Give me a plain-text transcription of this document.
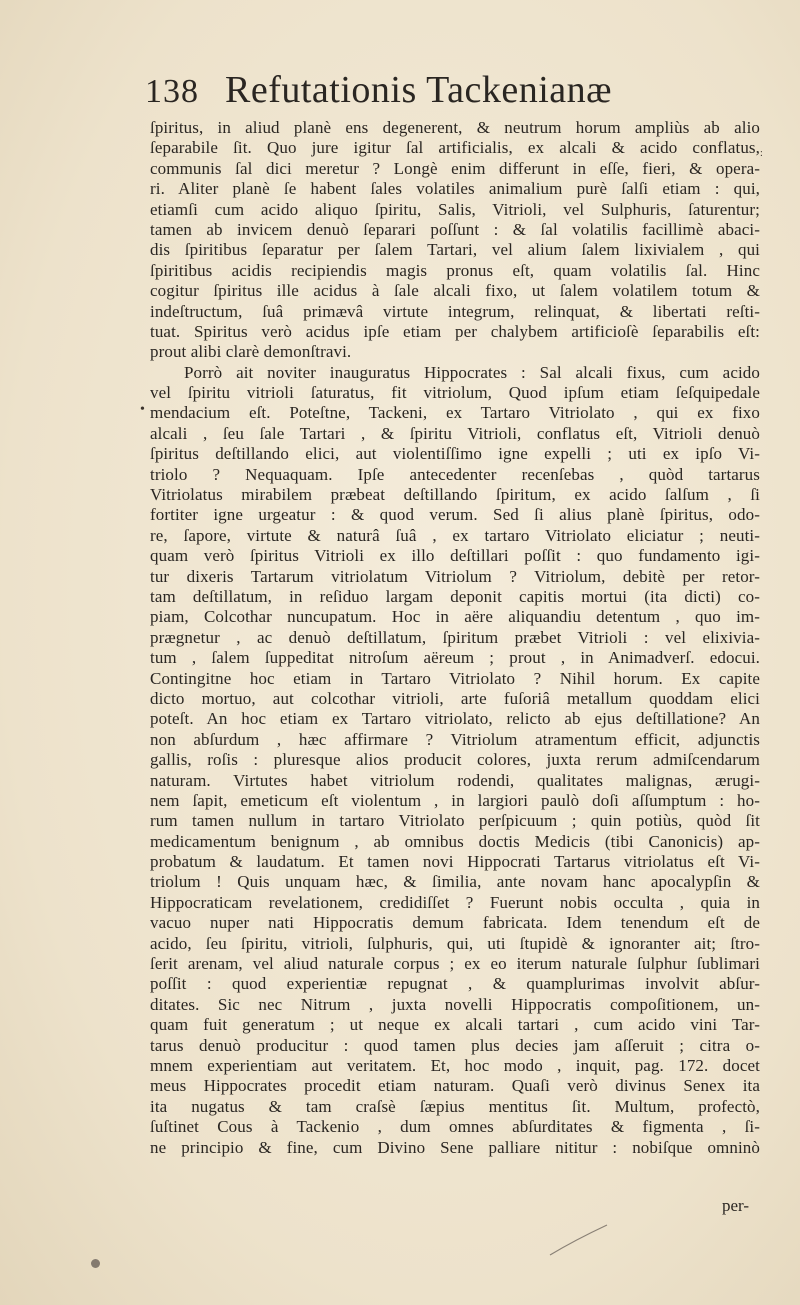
138 Refutationis Tackenianæ
ſpiritus, in aliud planè ens degenerent, & neutrum horum ampliùs ab alio
ſeparabile ſit. Quo jure igitur ſal artificialis, ex alcali & acido conflatus,
communis ſal dici meretur ? Longè enim differunt in eſſe, fieri, & opera-
ri. Aliter planè ſe habent ſales volatiles animalium purè ſalſi etiam : qui,
etiamſi cum acido aliquo ſpiritu, Salis, Vitrioli, vel Sulphuris, ſaturentur;
tamen ab invicem denuò ſeparari poſſunt : & ſal volatilis facillimè abaci-
dis ſpiritibus ſeparatur per ſalem Tartari, vel alium ſalem lixivialem , qui
ſpiritibus acidis recipiendis magis pronus eſt, quam volatilis ſal. Hinc
cogitur ſpiritus ille acidus à ſale alcali fixo, ut ſalem volatilem totum &
indeſtructum, ſuâ primævâ virtute integrum, relinquat, & libertati reſti-
tuat. Spiritus verò acidus ipſe etiam per chalybem artificioſè ſeparabilis eſt:
prout alibi clarè demonſtravi.
Porrò ait noviter inauguratus Hippocrates : Sal alcali fixus, cum acido
vel ſpiritu vitrioli ſaturatus, fit vitriolum, Quod ipſum etiam ſeſquipedale
mendacium eſt. Poteſtne, Tackeni, ex Tartaro Vitriolato , qui ex fixo
alcali , ſeu ſale Tartari , & ſpiritu Vitrioli, conflatus eſt, Vitrioli denuò
ſpiritus deſtillando elici, aut violentiſſimo igne expelli ; uti ex ipſo Vi-
triolo ? Nequaquam. Ipſe antecedenter recenſebas , quòd tartarus
Vitriolatus mirabilem præbeat deſtillando ſpiritum, ex acido ſalſum , ſi
fortiter igne urgeatur : & quod verum. Sed ſi alius planè ſpiritus, odo-
re, ſapore, virtute & naturâ ſuâ , ex tartaro Vitriolato eliciatur ; neuti-
quam verò ſpiritus Vitrioli ex illo deſtillari poſſit : quo fundamento igi-
tur dixeris Tartarum vitriolatum Vitriolum ? Vitriolum, debitè per retor-
tam deſtillatum, in reſiduo largam deponit capitis mortui (ita dicti) co-
piam, Colcothar nuncupatum. Hoc in aëre aliquandiu detentum , quo im-
prægnetur , ac denuò deſtillatum, ſpiritum præbet Vitrioli : vel elixivia-
tum , ſalem ſuppeditat nitroſum aëreum ; prout , in Animadverſ. edocui.
Contingitne hoc etiam in Tartaro Vitriolato ? Nihil horum. Ex capite
dicto mortuo, aut colcothar vitrioli, arte fuſoriâ metallum quoddam elici
poteſt. An hoc etiam ex Tartaro vitriolato, relicto ab ejus deſtillatione? An
non abſurdum , hæc affirmare ? Vitriolum atramentum efficit, adjunctis
gallis, roſis : pluresque alios producit colores, juxta rerum admiſcendarum
naturam. Virtutes habet vitriolum rodendi, qualitates malignas, ærugi-
nem ſapit, emeticum eſt violentum , in largiori paulò doſi aſſumptum : ho-
rum tamen nullum in tartaro Vitriolato perſpicuum ; quin potiùs, quòd ſit
medicamentum benignum , ab omnibus doctis Medicis (tibi Canonicis) ap-
probatum & laudatum. Et tamen novi Hippocrati Tartarus vitriolatus eſt Vi-
triolum ! Quis unquam hæc, & ſimilia, ante novam hanc apocalypſin &
Hippocraticam revelationem, credidiſſet ? Fuerunt nobis occulta , quia in
vacuo nuper nati Hippocratis demum fabricata. Idem tenendum eſt de
acido, ſeu ſpiritu, vitrioli, ſulphuris, qui, uti ſtupidè & ignoranter ait; ſtro-
ſerit arenam, vel aliud naturale corpus ; ex eo iterum naturale ſulphur ſublimari
poſſit : quod experientiæ repugnat , & quamplurimas involvit abſur-
ditates. Sic nec Nitrum , juxta novelli Hippocratis compoſitionem, un-
quam fuit generatum ; ut neque ex alcali tartari , cum acido vini Tar-
tarus denuò producitur : quod tamen plus decies jam aſſeruit ; citra o-
mnem experientiam aut veritatem. Et, hoc modo , inquit, pag. 172. docet
meus Hippocrates procedit etiam naturam. Quaſi verò divinus Senex ita
ita nugatus & tam craſsè ſæpius mentitus ſit. Multum, profectò,
ſuſtinet Cous à Tackenio , dum omnes abſurditates & figmenta , ſi-
ne principio & fine, cum Divino Sene palliare nititur : nobiſque omninò
per-
•
:
